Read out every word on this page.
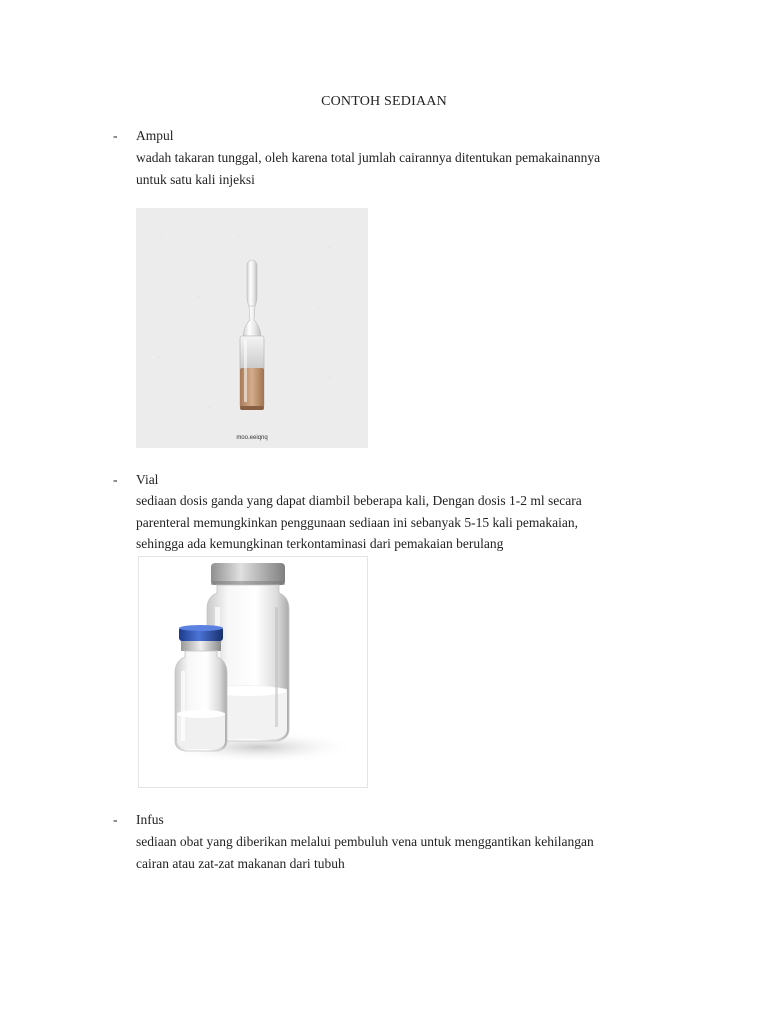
CONTOH SEDIAAN
- Ampul
wadah takaran tunggal, oleh karena total jumlah cairannya ditentukan pemakainannya
untuk satu kali injeksi
~	~
~
~
~
~
~
~
moo.eeiqnq
- Vial
sediaan dosis ganda yang dapat diambil beberapa kali, Dengan dosis 1-2 ml secara
parenteral memungkinkan penggunaan sediaan ini sebanyak 5-15 kali pemakaian,
sehingga ada kemungkinan terkontaminasi dari pemakaian berulang
- Infus
sediaan obat yang diberikan melalui pembuluh vena untuk menggantikan kehilangan
cairan atau zat-zat makanan dari tubuh
